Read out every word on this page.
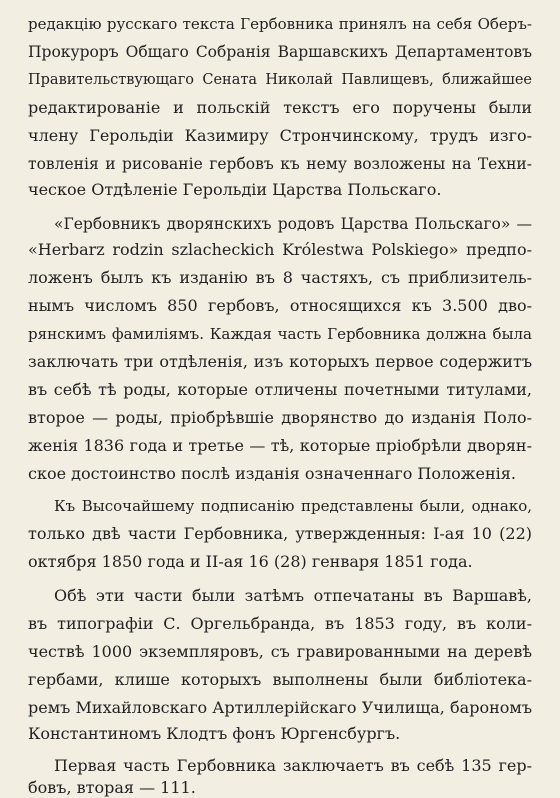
редакцію русскаго текста Гербовника принялъ на себя Оберъ-
Прокуроръ Общаго Собранія Варшавскихъ Департаментовъ
Правительствующаго Сената Николай Павлищевъ, ближайшее
редактированіе и польскій текстъ его поручены были
члену Герольдіи Казимиру Стрончинскому, трудъ изго-
товленія и рисованіе гербовъ къ нему возложены на Техни-
ческое Отдѣленіе Герольдіи Царства Польскаго.
«Гербовникъ дворянскихъ родовъ Царства Польскаго» —
«Herbarz rodzin szlacheckich Królestwa Polskiego» предпо-
ложенъ былъ къ изданію въ 8 частяхъ, съ приблизитель-
нымъ числомъ 850 гербовъ, относящихся къ 3.500 дво-
рянскимъ фамиліямъ. Каждая часть Гербовника должна была
заключать три отдѣленія, изъ которыхъ первое содержитъ
въ себѣ тѣ роды, которые отличены почетными титулами,
второе — роды, пріобрѣвшіе дворянство до изданія Поло-
женія 1836 года и третье — тѣ, которые пріобрѣли дворян-
ское достоинство послѣ изданія означеннаго Положенія.
Къ Высочайшему подписанію представлены были, однако,
только двѣ части Гербовника, утвержденныя: I-ая 10 (22)
октября 1850 года и II-ая 16 (28) генваря 1851 года.
Обѣ эти части были затѣмъ отпечатаны въ Варшавѣ,
въ типографіи С. Оргельбранда, въ 1853 году, въ коли-
чествѣ 1000 экземпляровъ, съ гравированными на деревѣ
гербами, клише которыхъ выполнены были библіотека-
ремъ Михайловскаго Артиллерійскаго Училища, барономъ
Константиномъ Клодтъ фонъ Юргенсбургъ.
Первая часть Гербовника заключаетъ въ себѣ 135 гер-
бовъ, вторая — 111.
